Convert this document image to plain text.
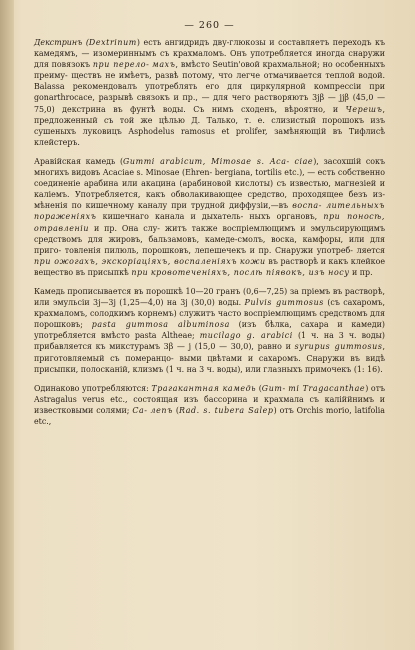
— 260 —
Декстринъ (Dextrinum) есть ангидридъ дву-глюкозы и составляетъ переходъ къ камедямъ, — изомериннымъ съ крахмаломъ. Онъ употребляется иногда снаружи для повязокъ при перело- махъ, вмѣсто Seutin'овой крахмальной; но особенныхъ преиму- ществъ не имѣетъ, развѣ потому, что легче отмачивается теплой водой. Balassa рекомендовалъ употреблять его для циркулярной компрессіи при gonarthrocace, разрывѣ связокъ и пр., — для чего растворяютъ 3jβ — jjβ (45,0 — 75,0) декстрина въ фунтѣ воды. Съ нимъ сходенъ, вѣроятно, и Черешъ, предложенный съ той же цѣлью Д. Талько, т. е. слизистый порошокъ изъ сушеныхъ луковицъ Asphodelus ramosus et prolifer, замѣняющій въ Тифлисѣ клейстеръ.
Аравійская камедь (Gummi arabicum, Mimosae s. Aca- ciae), засохшій сокъ многихъ видовъ Acaciae s. Minosae (Ehren- bergiana, tortilis etc.), — есть собственно соединеніе арабина или акацина (арабиновой кислоты) съ известью, магнезіей и каліемъ. Употребляется, какъ обволакивающее средство, проходящее безъ из- мѣненія по кишечному каналу при трудной диффузіи,—въ воспа- лительныхъ пораженіяхъ кишечнаго канала и дыхатель- ныхъ органовъ, при поносѣ, отравленіи и пр. Она слу- житъ также воспріемлющимъ и эмульсирующимъ средствомъ для жировъ, бальзамовъ, камеде-смолъ, воска, камфоры, или для приго- товленія пилюль, порошковъ, лепешечекъ и пр. Снаружи употреб- ляется при ожогахъ, экскоріаціяхъ, воспаленіяхъ кожи въ растворѣ и какъ клейкое вещество въ присыпкѣ при кровотеченіяхъ, послѣ піявокъ, изъ носу и пр.
Камедь прописывается въ порошкѣ 10—20 гранъ (0,6—7,25) за пріемъ въ растворѣ, или эмульсіи 3j—3j (1,25—4,0) на 3j (30,0) воды. Pulvis gummosus (съ сахаромъ, крахмаломъ, солодкимъ корнемъ) служитъ часто воспріемлющимъ средствомъ для порошковъ; pasta gummosa albuminosa (изъ бѣлка, сахара и камеди) употребляется вмѣсто pasta Altheae; mucilago g. arabici (1 ч. на 3 ч. воды) прибавляется къ микстурамъ 3β — j (15,0 — 30,0), равно и syrupus gummosus, приготовляемый съ померанцо- выми цвѣтами и сахаромъ. Снаружи въ видѣ присыпки, полосканій, клизмъ (1 ч. на 3 ч. воды), или глазныхъ примочекъ (1: 16).
Одинаково употребляются: Трагакантная камедь (Gum- mi Tragacanthae) отъ Astragalus verus etc., состоящая изъ бассорина и крахмала съ каліййнимъ и известковыми солями; Са- лепъ (Rad. s. tubera Salep) отъ Orchis morio, latifolia etc.,
